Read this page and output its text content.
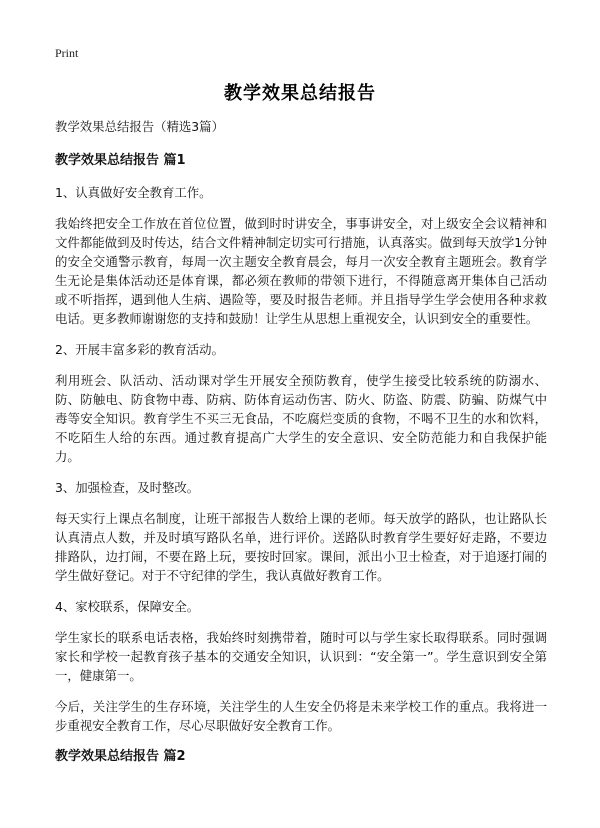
Print
教学效果总结报告

教学效果总结报告（精选3篇）

教学效果总结报告 篇1

1、认真做好安全教育工作。

我始终把安全工作放在首位位置，做到时时讲安全，事事讲安全，对上级安全会议精神和文件都能做到及时传达，结合文件精神制定切实可行措施，认真落实。做到每天放学1分钟的安全交通警示教育，每周一次主题安全教育晨会，每月一次安全教育主题班会。教育学生无论是集体活动还是体育课，都必须在教师的带领下进行，不得随意离开集体自己活动或不听指挥，遇到他人生病、遇险等，要及时报告老师。并且指导学生学会使用各种求救电话。更多教师谢谢您的支持和鼓励！让学生从思想上重视安全，认识到安全的重要性。

2、开展丰富多彩的教育活动。

利用班会、队活动、活动课对学生开展安全预防教育，使学生接受比较系统的防溺水、防、防触电、防食物中毒、防病、防体育运动伤害、防火、防盗、防震、防骗、防煤气中毒等安全知识。教育学生不买三无食品，不吃腐烂变质的食物，不喝不卫生的水和饮料，不吃陌生人给的东西。通过教育提高广大学生的安全意识、安全防范能力和自我保护能力。

3、加强检查，及时整改。

每天实行上课点名制度，让班干部报告人数给上课的老师。每天放学的路队，也让路队长认真清点人数，并及时填写路队名单，进行评价。送路队时教育学生要好好走路，不要边排路队，边打闹，不要在路上玩，要按时回家。课间，派出小卫士检查，对于追逐打闹的学生做好登记。对于不守纪律的学生，我认真做好教育工作。

4、家校联系，保障安全。

学生家长的联系电话表格，我始终时刻携带着，随时可以与学生家长取得联系。同时强调家长和学校一起教育孩子基本的交通安全知识，认识到：“安全第一”。学生意识到安全第一，健康第一。

今后，关注学生的生存环境，关注学生的人生安全仍将是未来学校工作的重点。我将进一步重视安全教育工作，尽心尽职做好安全教育工作。

教学效果总结报告 篇2
